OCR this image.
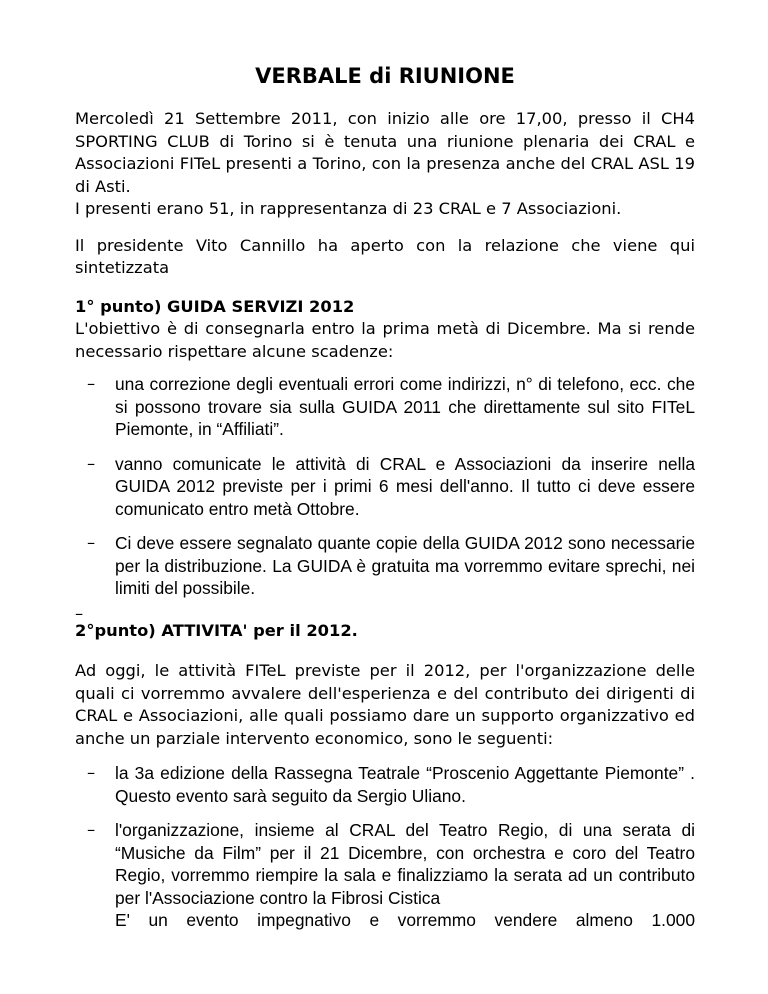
VERBALE di RIUNIONE

Mercoledì 21 Settembre 2011, con inizio alle ore 17,00, presso il CH4 SPORTING CLUB di Torino si è tenuta una riunione plenaria dei CRAL e Associazioni FITeL presenti a Torino, con la presenza anche del CRAL ASL 19 di Asti.
I presenti erano 51, in rappresentanza di 23 CRAL e 7 Associazioni.

Il presidente Vito Cannillo ha aperto con la relazione che viene qui sintetizzata

1° punto) GUIDA SERVIZI 2012

L'obiettivo è di consegnarla entro la prima metà di Dicembre. Ma si rende necessario rispettare alcune scadenze:

–	una correzione degli eventuali errori come indirizzi, n° di telefono, ecc. che si possono trovare sia sulla GUIDA 2011 che direttamente sul sito FITeL Piemonte, in “Affiliati”.
–	vanno comunicate le attività di CRAL e Associazioni da inserire nella GUIDA 2012 previste per i primi 6 mesi dell'anno. Il tutto ci deve essere comunicato entro metà Ottobre.
–	Ci deve essere segnalato quante copie della GUIDA 2012 sono necessarie per la distribuzione. La GUIDA è gratuita ma vorremmo evitare sprechi, nei limiti del possibile.
–

2°punto) ATTIVITA' per il 2012.

Ad oggi, le attività FITeL previste per il 2012, per l'organizzazione delle quali ci vorremmo avvalere dell'esperienza e del contributo dei dirigenti di CRAL e Associazioni, alle quali possiamo dare un supporto organizzativo ed anche un parziale intervento economico, sono le seguenti:

–	la 3a edizione della Rassegna Teatrale “Proscenio Aggettante Piemonte” . Questo evento sarà seguito da Sergio Uliano.
–	l'organizzazione, insieme al CRAL del Teatro Regio, di una serata di “Musiche da Film” per il 21 Dicembre, con orchestra e coro del Teatro Regio, vorremmo riempire la sala e finalizziamo la serata ad un contributo per l'Associazione contro la Fibrosi Cistica
E' un evento impegnativo e vorremmo vendere almeno 1.000
